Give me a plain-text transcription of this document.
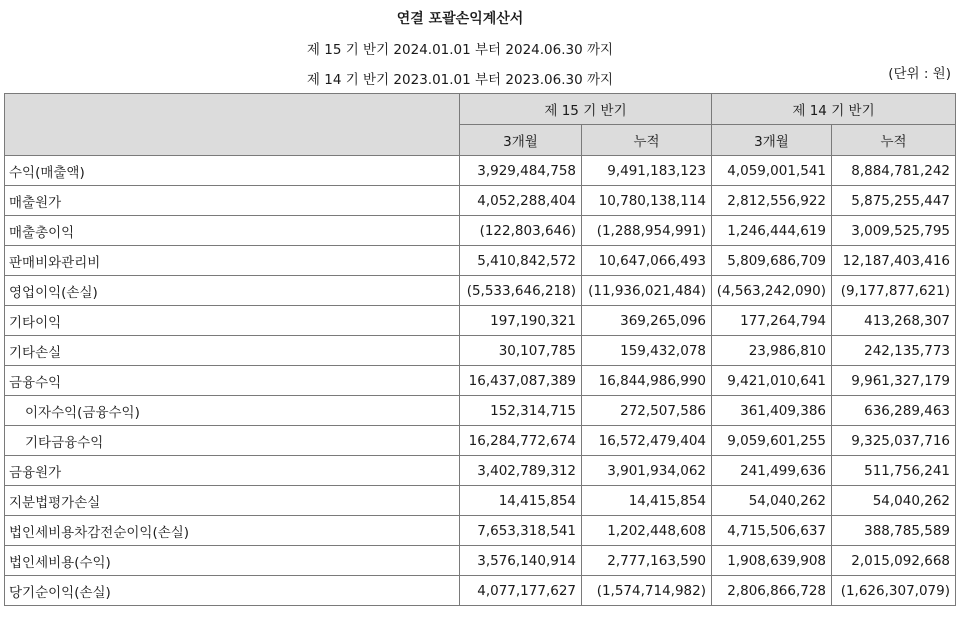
연결 포괄손익계산서
제 15 기 반기 2024.01.01 부터 2024.06.30 까지
제 14 기 반기 2023.01.01 부터 2023.06.30 까지	(단위 : 원)
	제 15 기 반기		제 14 기 반기	
	3개월	누적	3개월	누적
수익(매출액)	3,929,484,758	9,491,183,123	4,059,001,541	8,884,781,242
매출원가	4,052,288,404	10,780,138,114	2,812,556,922	5,875,255,447
매출총이익	(122,803,646)	(1,288,954,991)	1,246,444,619	3,009,525,795
판매비와관리비	5,410,842,572	10,647,066,493	5,809,686,709	12,187,403,416
영업이익(손실)	(5,533,646,218)	(11,936,021,484)	(4,563,242,090)	(9,177,877,621)
기타이익	197,190,321	369,265,096	177,264,794	413,268,307
기타손실	30,107,785	159,432,078	23,986,810	242,135,773
금융수익	16,437,087,389	16,844,986,990	9,421,010,641	9,961,327,179
이자수익(금융수익)	152,314,715	272,507,586	361,409,386	636,289,463
기타금융수익	16,284,772,674	16,572,479,404	9,059,601,255	9,325,037,716
금융원가	3,402,789,312	3,901,934,062	241,499,636	511,756,241
지분법평가손실	14,415,854	14,415,854	54,040,262	54,040,262
법인세비용차감전순이익(손실)	7,653,318,541	1,202,448,608	4,715,506,637	388,785,589
법인세비용(수익)	3,576,140,914	2,777,163,590	1,908,639,908	2,015,092,668
당기순이익(손실)	4,077,177,627	(1,574,714,982)	2,806,866,728	(1,626,307,079)
